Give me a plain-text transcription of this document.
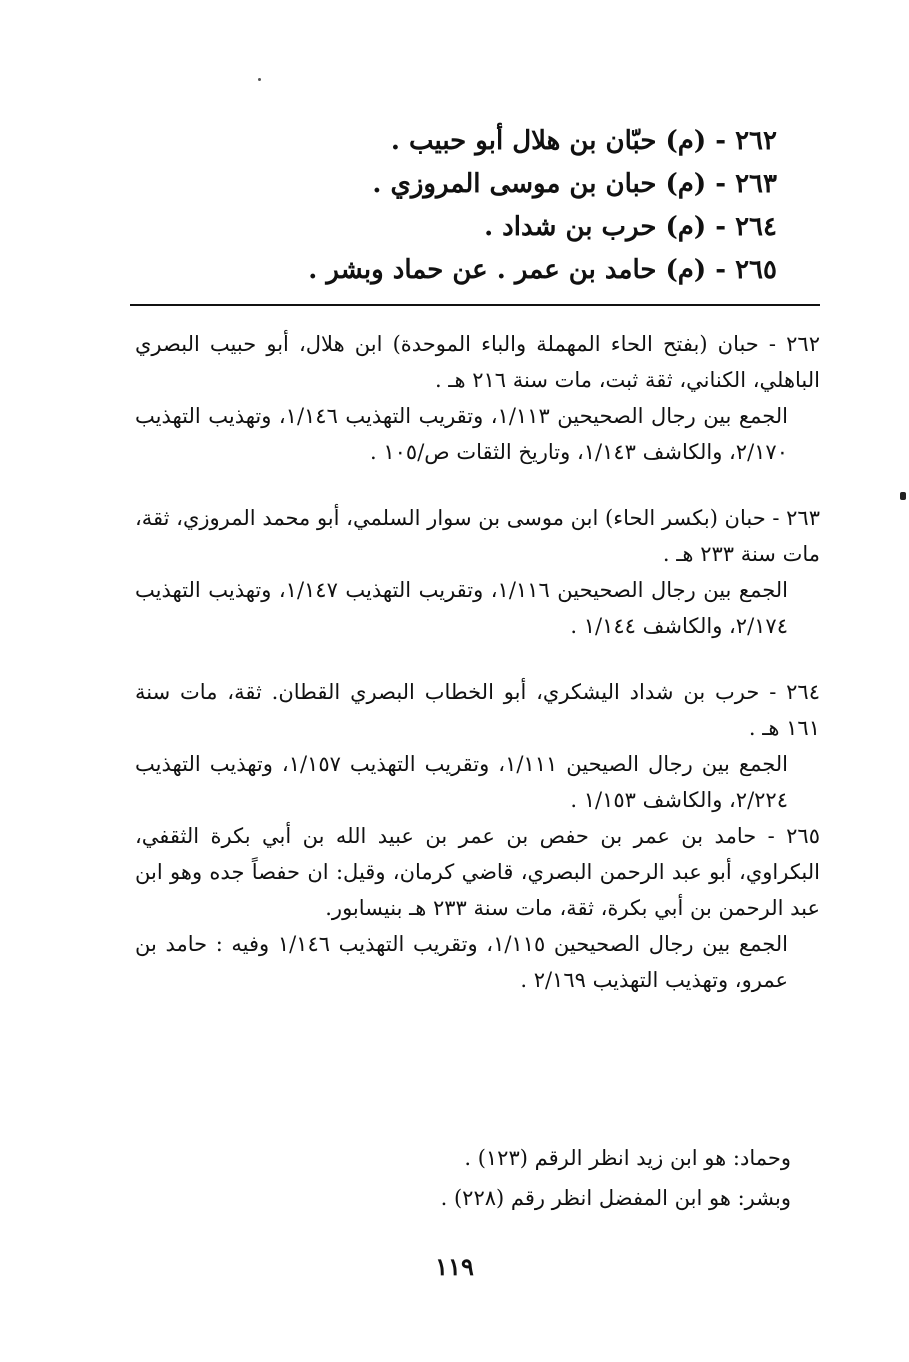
٢٦٢ - (م) حبّان بن هلال أبو حبيب .
٢٦٣ - (م) حبان بن موسى المروزي .
٢٦٤ - (م) حرب بن شداد .
٢٦٥ - (م) حامد بن عمر . عن حماد وبشر .
٢٦٢ - حبان (بفتح الحاء المهملة والباء الموحدة) ابن هلال، أبو حبيب البصري الباهلي، الكناني، ثقة ثبت، مات سنة ٢١٦ هـ .
الجمع بين رجال الصحيحين ١/١١٣، وتقريب التهذيب ١/١٤٦، وتهذيب التهذيب ٢/١٧٠، والكاشف ١/١٤٣، وتاريخ الثقات ص/١٠٥ .
٢٦٣ - حبان (بكسر الحاء) ابن موسى بن سوار السلمي، أبو محمد المروزي، ثقة، مات سنة ٢٣٣ هـ .
الجمع بين رجال الصحيحين ١/١١٦، وتقريب التهذيب ١/١٤٧، وتهذيب التهذيب ٢/١٧٤، والكاشف ١/١٤٤ .
٢٦٤ - حرب بن شداد اليشكري، أبو الخطاب البصري القطان. ثقة، مات سنة ١٦١ هـ .
الجمع بين رجال الصيحين ١/١١١، وتقريب التهذيب ١/١٥٧، وتهذيب التهذيب ٢/٢٢٤، والكاشف ١/١٥٣ .
٢٦٥ - حامد بن عمر بن حفص بن عمر بن عبيد الله بن أبي بكرة الثقفي، البكراوي، أبو عبد الرحمن البصري، قاضي كرمان، وقيل: ان حفصاً جده وهو ابن عبد الرحمن بن أبي بكرة، ثقة، مات سنة ٢٣٣ هـ بنيسابور.
الجمع بين رجال الصحيحين ١/١١٥، وتقريب التهذيب ١/١٤٦ وفيه : حامد بن عمرو، وتهذيب التهذيب ٢/١٦٩ .
وحماد: هو ابن زيد انظر الرقم (١٢٣) .
وبشر: هو ابن المفضل انظر رقم (٢٢٨) .
١١٩
